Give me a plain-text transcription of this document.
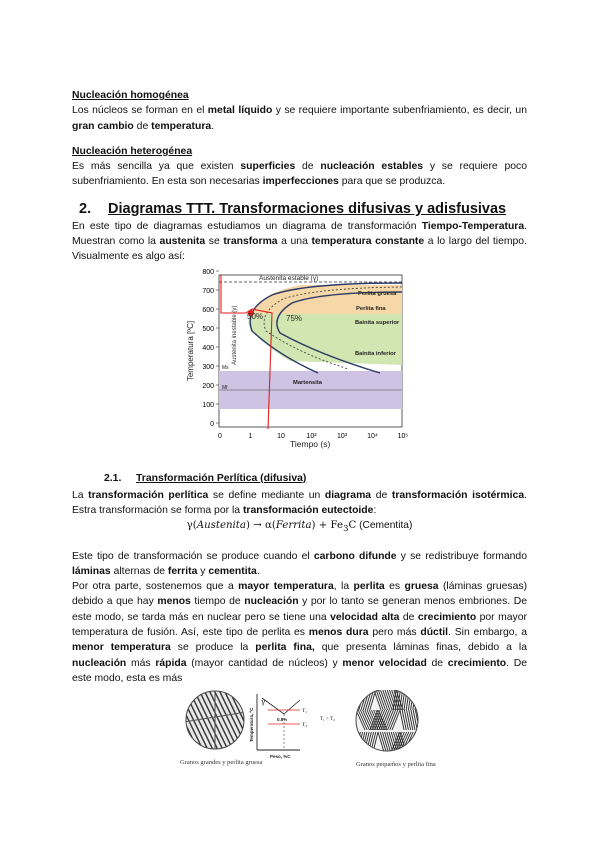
Nucleación homogénea

Los núcleos se forman en el metal líquido y se requiere importante subenfriamiento, es decir, un gran cambio de temperatura.

Nucleación heterogénea

Es más sencilla ya que existen superficies de nucleación estables y se requiere poco subenfriamiento. En esta son necesarias imperfecciones para que se produzca.

2. Diagramas TTT. Transformaciones difusivas y adisfusivas

En este tipo de diagramas estudiamos un diagrama de transformación Tiempo-Temperatura. Muestran como la austenita se transforma a una temperatura constante a lo largo del tiempo. Visualmente es algo así:

50%	75%
Austenita estable (γ)
Austenita inestable (γ)
Perlita gruesa
Perlita fina
Bainita superior
Bainita inferior
Martensita
Ms
Mf
800
700
600
500
400
300
200
100
0
0	1	10	10²	10³	10⁴	10⁵
Temperatura [ºC]
Tiempo (s)
2.1. Transformación Perlítica (difusiva)

La transformación perlítica se define mediante un diagrama de transformación isotérmica. Estra transformación se forma por la transformación eutectoide:

γ(Austenita) → α(Ferrita) + $Fe_3C$ (Cementita)

Este tipo de transformación se produce cuando el carbono difunde y se redistribuye formando láminas alternas de ferrita y cementita.

Por otra parte, sostenemos que a mayor temperatura, la perlita es gruesa (láminas gruesas) debido a que hay menos tiempo de nucleación y por lo tanto se generan menos embriones. De este modo, se tarda más en nuclear pero se tiene una velocidad alta de crecimiento por mayor temperatura de fusión. Así, este tipo de perlita es menos dura pero más dúctil. Sin embargo, a menor temperatura se produce la perlita fina, que presenta láminas finas, debido a la nucleación más rápida (mayor cantidad de núcleos) y menor velocidad de crecimiento. De este modo, esta es más

γ
0.8%
T₁
T₂
Temperatura, ºC
Peso, %C
T₁ > T₂
Granos grandes y perlita gruesa	Granos pequeños y perlita fina
